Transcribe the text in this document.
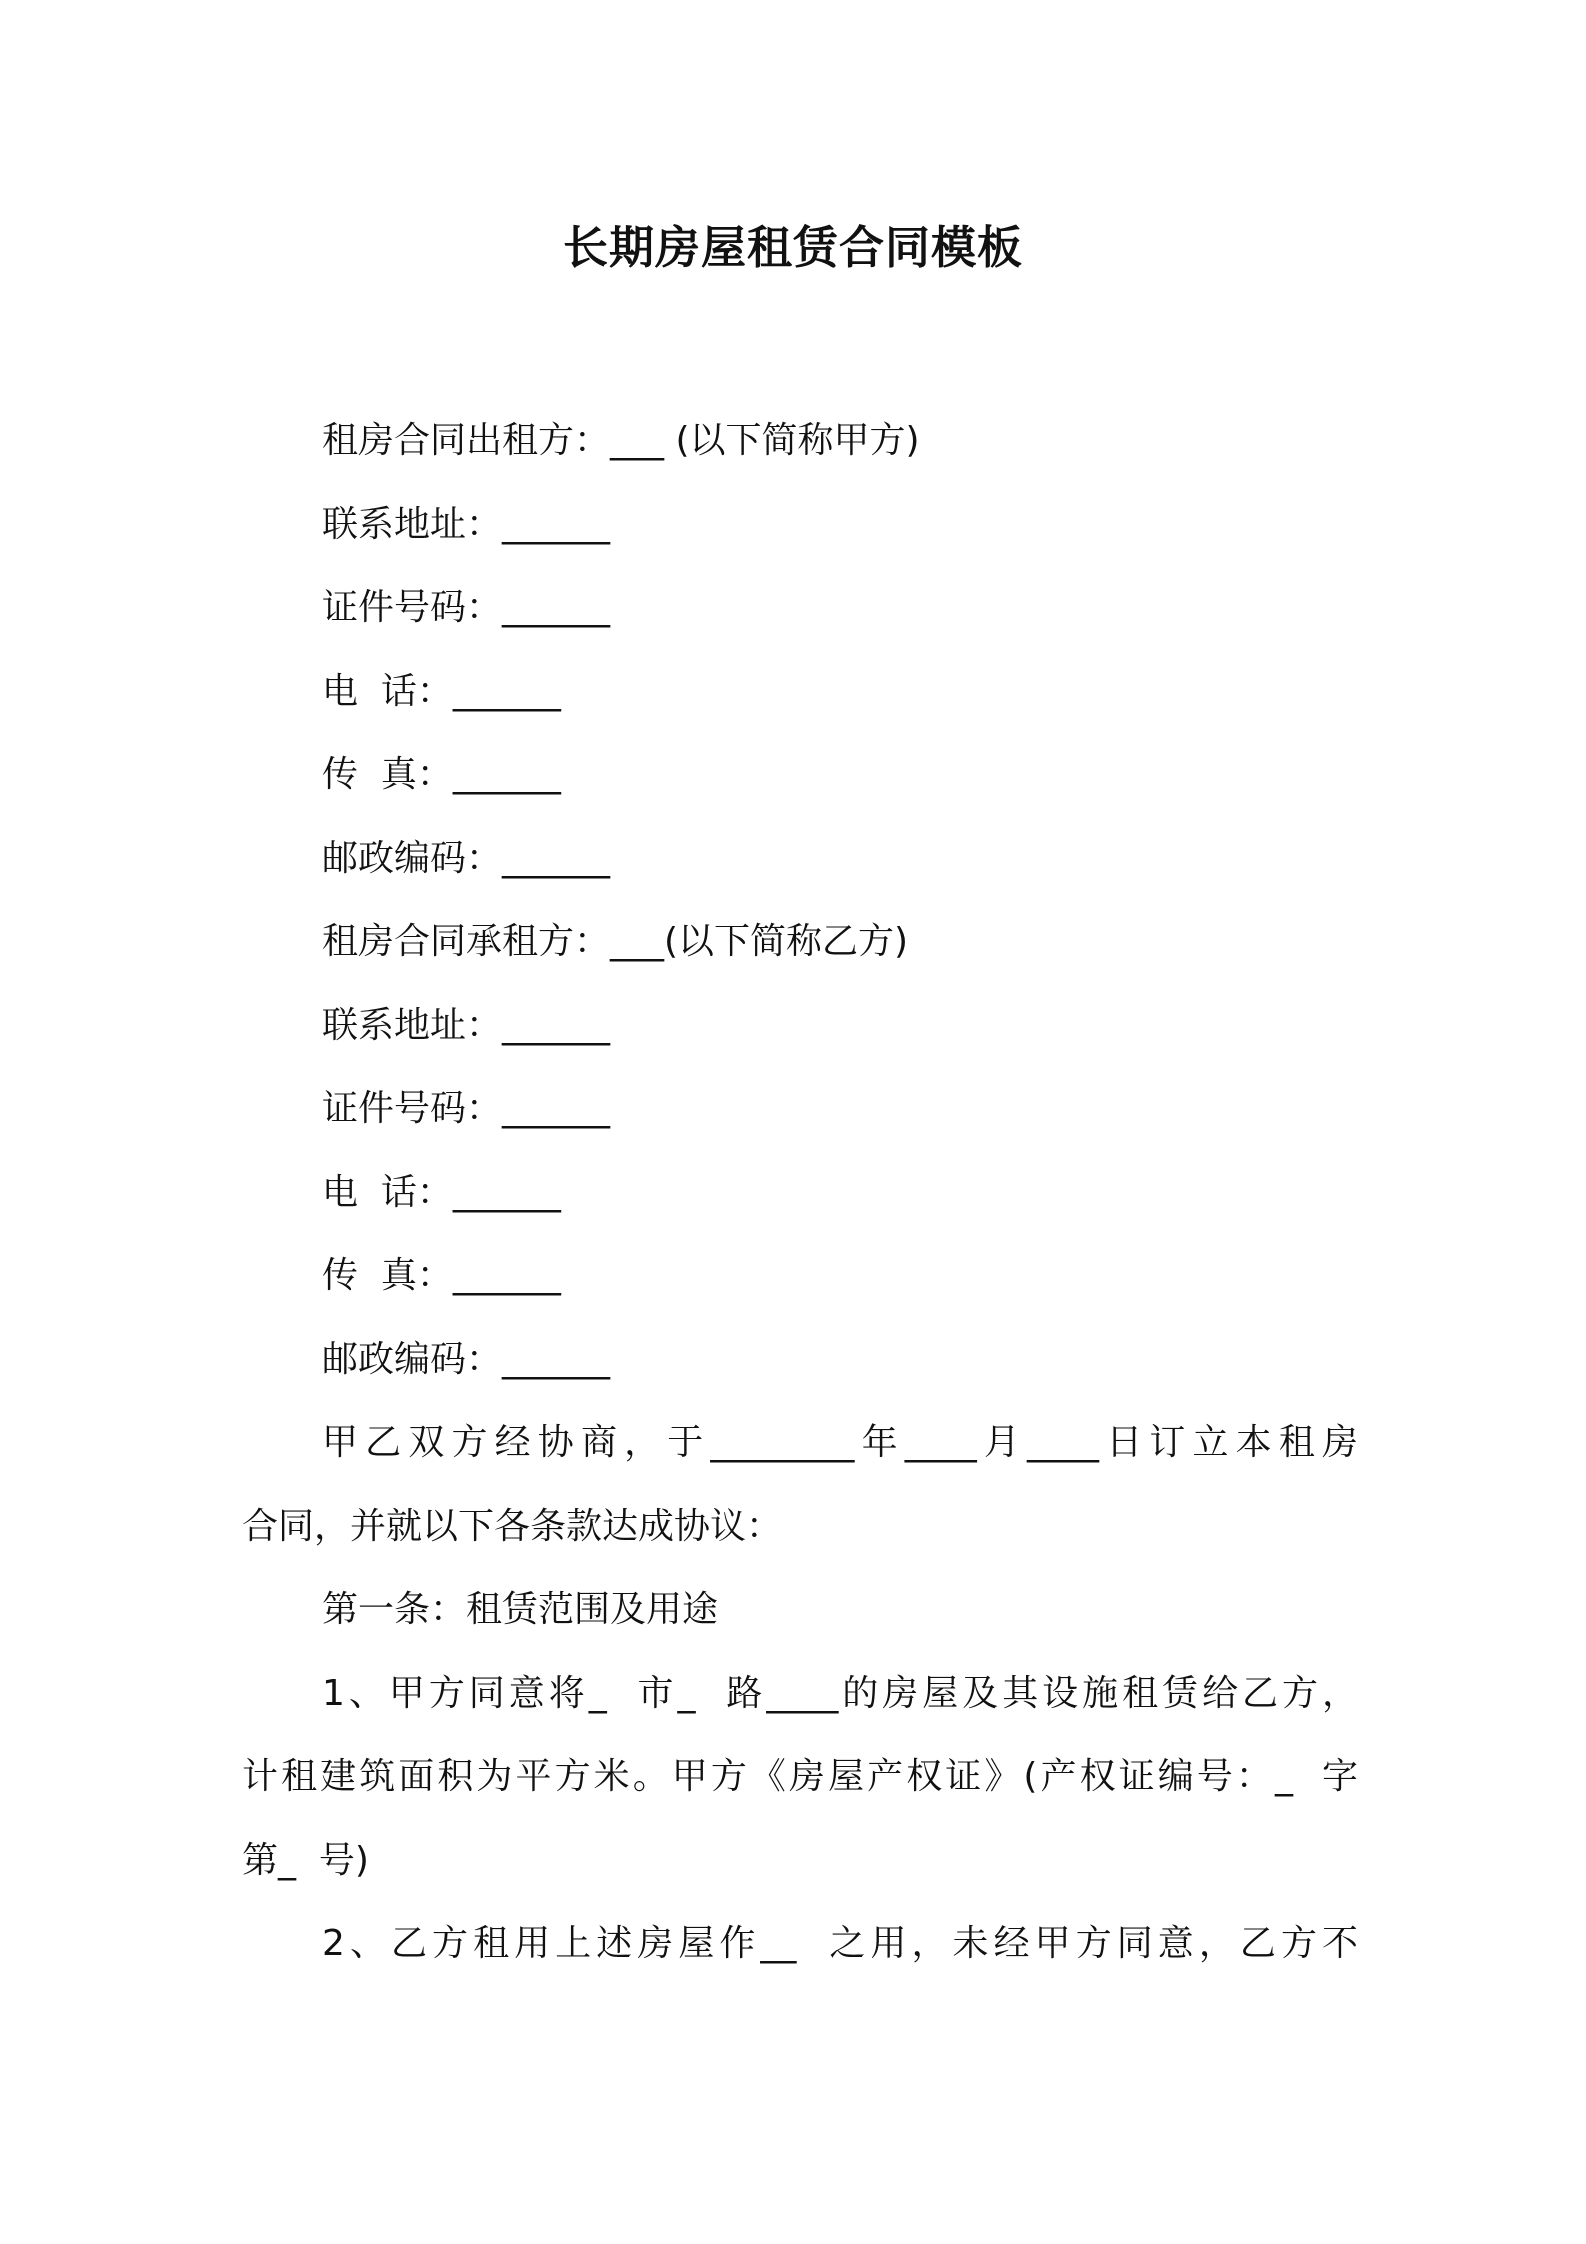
长期房屋租赁合同模板
租房合同出租方：___ (以下简称甲方)
联系地址：______
证件号码：______
电  话：______
传  真：______
邮政编码：______
租房合同承租方：___(以下简称乙方)
联系地址：______
证件号码：______
电  话：______
传  真：______
邮政编码：______
甲乙双方经协商，于________年____月____日订立本租房
合同，并就以下各条款达成协议：
第一条：租赁范围及用途
1、甲方同意将_  市_  路____的房屋及其设施租赁给乙方，
计租建筑面积为平方米。甲方《房屋产权证》(产权证编号：_  字
第_  号)
2、乙方租用上述房屋作__  之用，未经甲方同意，乙方不
